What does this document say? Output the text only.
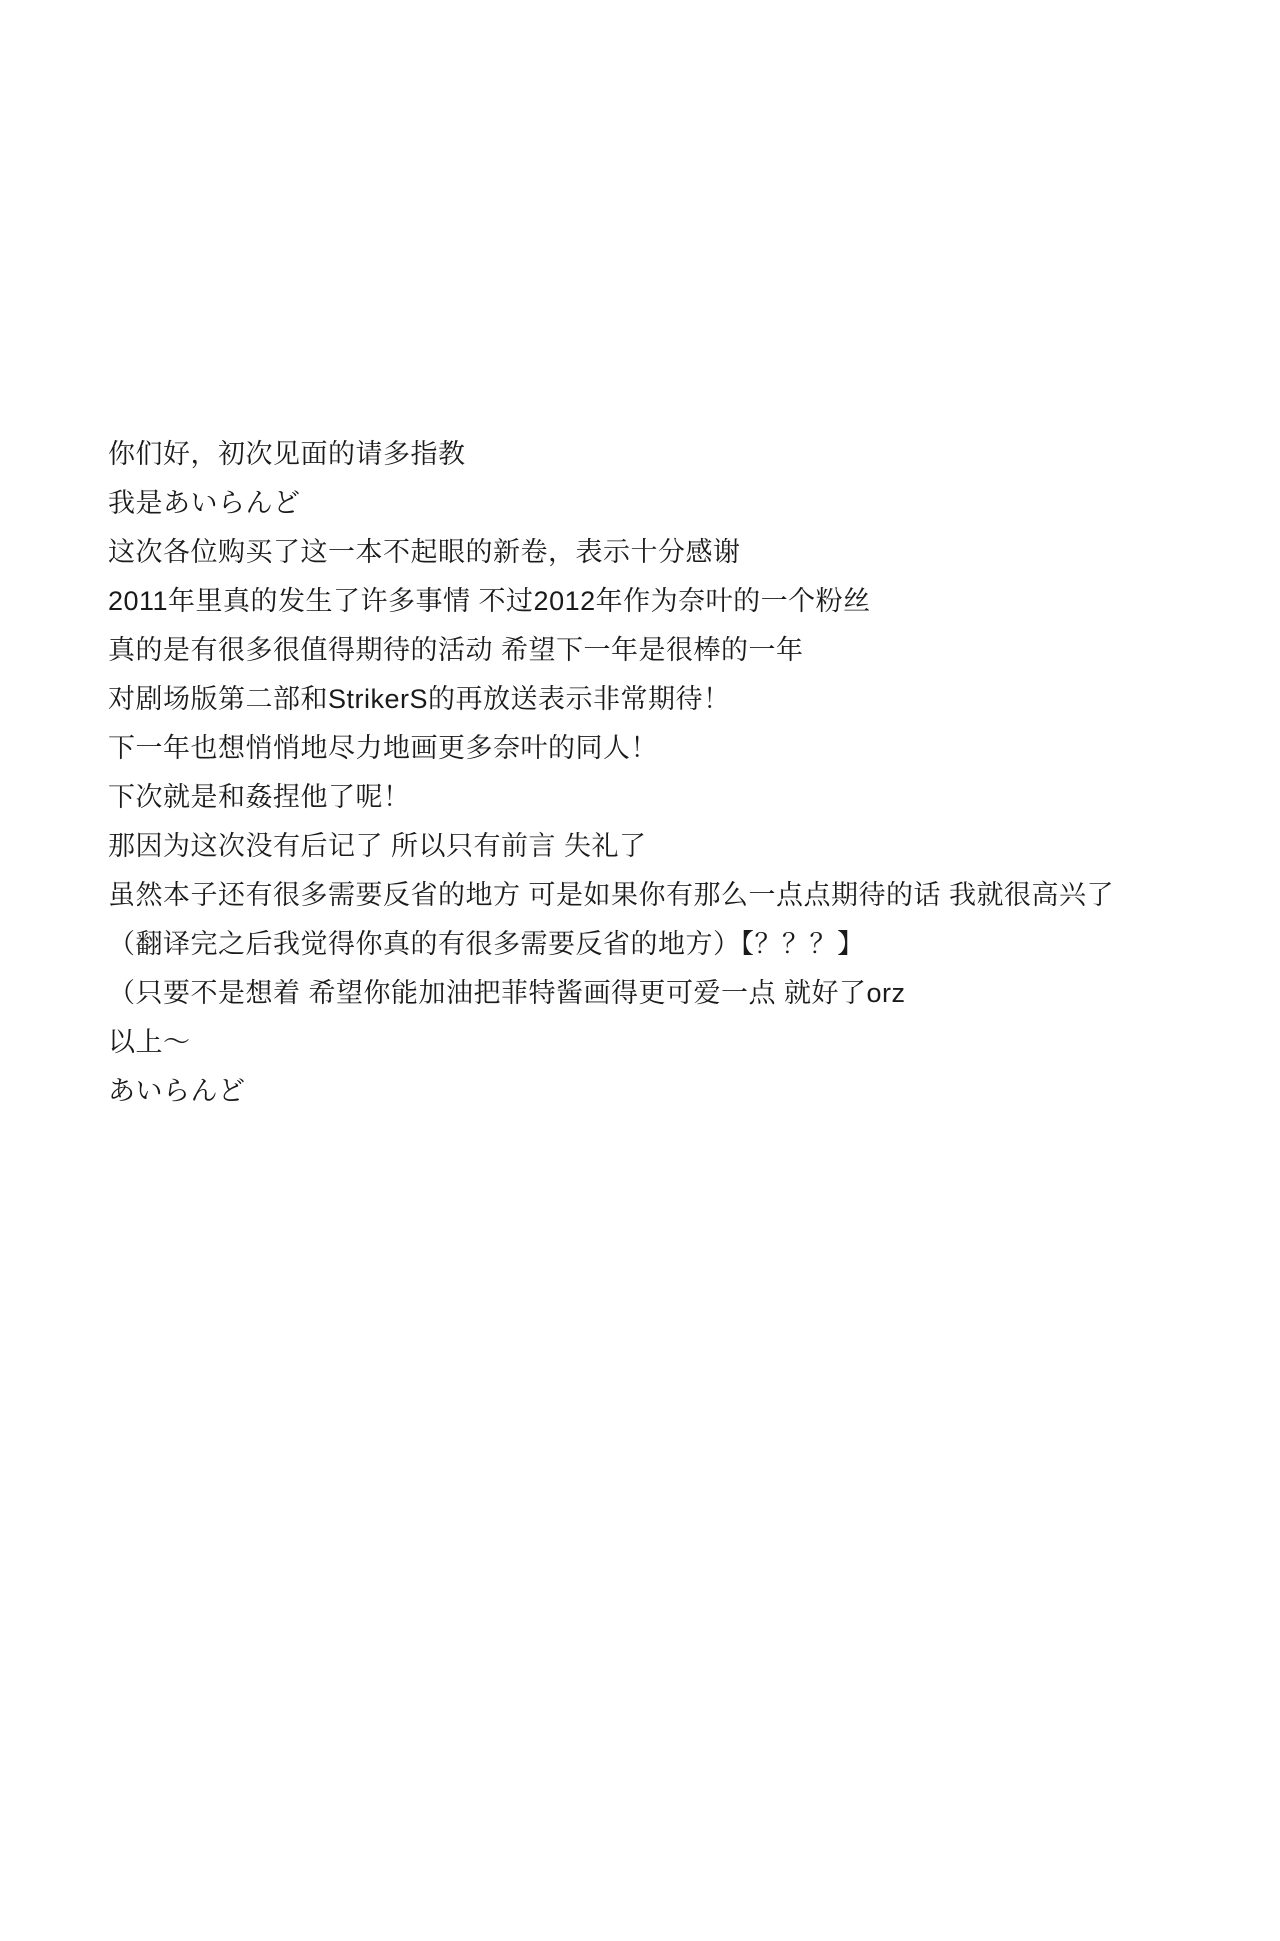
你们好，初次见面的请多指教
我是あいらんど
这次各位购买了这一本不起眼的新卷，表示十分感谢
2011年里真的发生了许多事情 不过2012年作为奈叶的一个粉丝
真的是有很多很值得期待的活动 希望下一年是很棒的一年
对剧场版第二部和StrikerS的再放送表示非常期待！
下一年也想悄悄地尽力地画更多奈叶的同人！
下次就是和姦捏他了呢！
那因为这次没有后记了 所以只有前言 失礼了
虽然本子还有很多需要反省的地方 可是如果你有那么一点点期待的话 我就很高兴了
（翻译完之后我觉得你真的有很多需要反省的地方）【？？？】
（只要不是想着 希望你能加油把菲特酱画得更可爱一点 就好了orz
以上～
あいらんど
